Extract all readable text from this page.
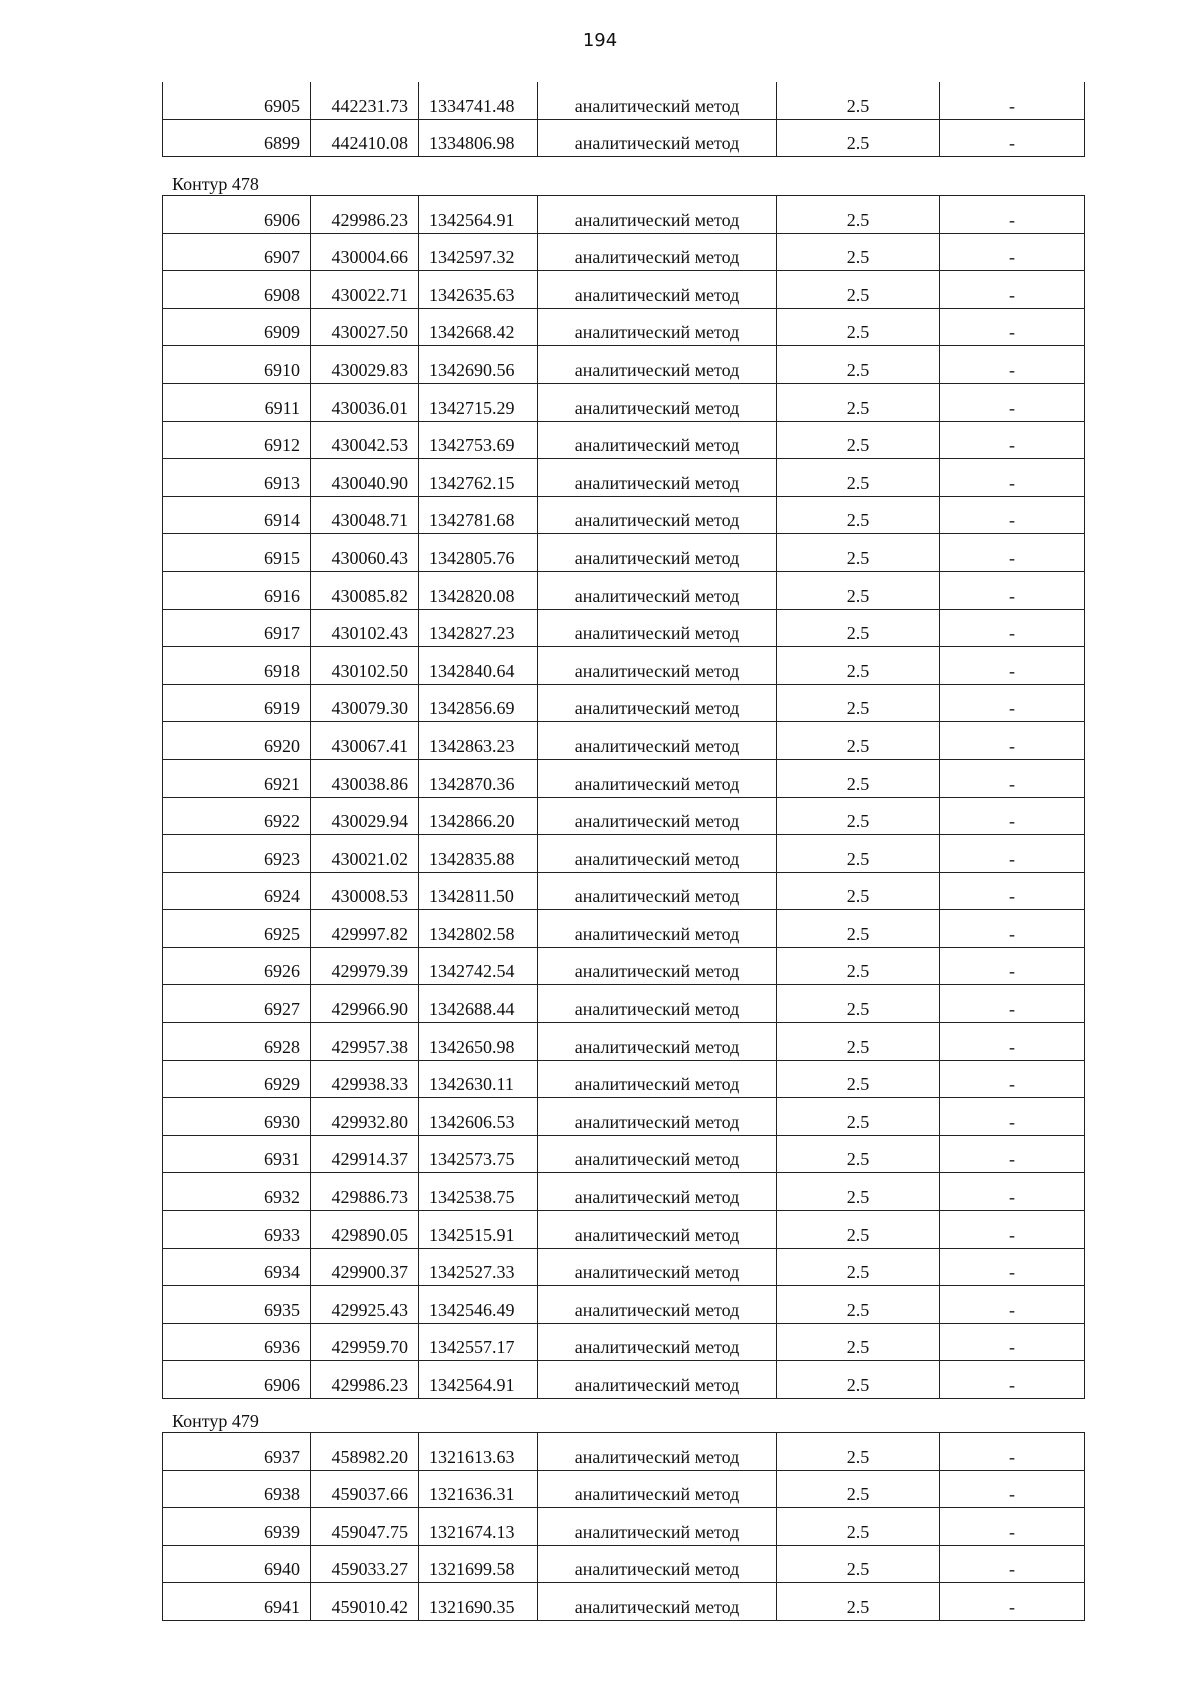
194
6905	442231.73	1334741.48	аналитический метод	2.5	-

6899	442410.08	1334806.98	аналитический метод	2.5	-
Контур 478
6906	429986.23	1342564.91	аналитический метод	2.5	-

6907	430004.66	1342597.32	аналитический метод	2.5	-

6908	430022.71	1342635.63	аналитический метод	2.5	-

6909	430027.50	1342668.42	аналитический метод	2.5	-

6910	430029.83	1342690.56	аналитический метод	2.5	-

6911	430036.01	1342715.29	аналитический метод	2.5	-

6912	430042.53	1342753.69	аналитический метод	2.5	-

6913	430040.90	1342762.15	аналитический метод	2.5	-

6914	430048.71	1342781.68	аналитический метод	2.5	-

6915	430060.43	1342805.76	аналитический метод	2.5	-

6916	430085.82	1342820.08	аналитический метод	2.5	-

6917	430102.43	1342827.23	аналитический метод	2.5	-

6918	430102.50	1342840.64	аналитический метод	2.5	-

6919	430079.30	1342856.69	аналитический метод	2.5	-

6920	430067.41	1342863.23	аналитический метод	2.5	-

6921	430038.86	1342870.36	аналитический метод	2.5	-

6922	430029.94	1342866.20	аналитический метод	2.5	-

6923	430021.02	1342835.88	аналитический метод	2.5	-

6924	430008.53	1342811.50	аналитический метод	2.5	-

6925	429997.82	1342802.58	аналитический метод	2.5	-

6926	429979.39	1342742.54	аналитический метод	2.5	-

6927	429966.90	1342688.44	аналитический метод	2.5	-

6928	429957.38	1342650.98	аналитический метод	2.5	-

6929	429938.33	1342630.11	аналитический метод	2.5	-

6930	429932.80	1342606.53	аналитический метод	2.5	-

6931	429914.37	1342573.75	аналитический метод	2.5	-

6932	429886.73	1342538.75	аналитический метод	2.5	-

6933	429890.05	1342515.91	аналитический метод	2.5	-

6934	429900.37	1342527.33	аналитический метод	2.5	-

6935	429925.43	1342546.49	аналитический метод	2.5	-

6936	429959.70	1342557.17	аналитический метод	2.5	-

6906	429986.23	1342564.91	аналитический метод	2.5	-
Контур 479
6937	458982.20	1321613.63	аналитический метод	2.5	-

6938	459037.66	1321636.31	аналитический метод	2.5	-

6939	459047.75	1321674.13	аналитический метод	2.5	-

6940	459033.27	1321699.58	аналитический метод	2.5	-

6941	459010.42	1321690.35	аналитический метод	2.5	-
